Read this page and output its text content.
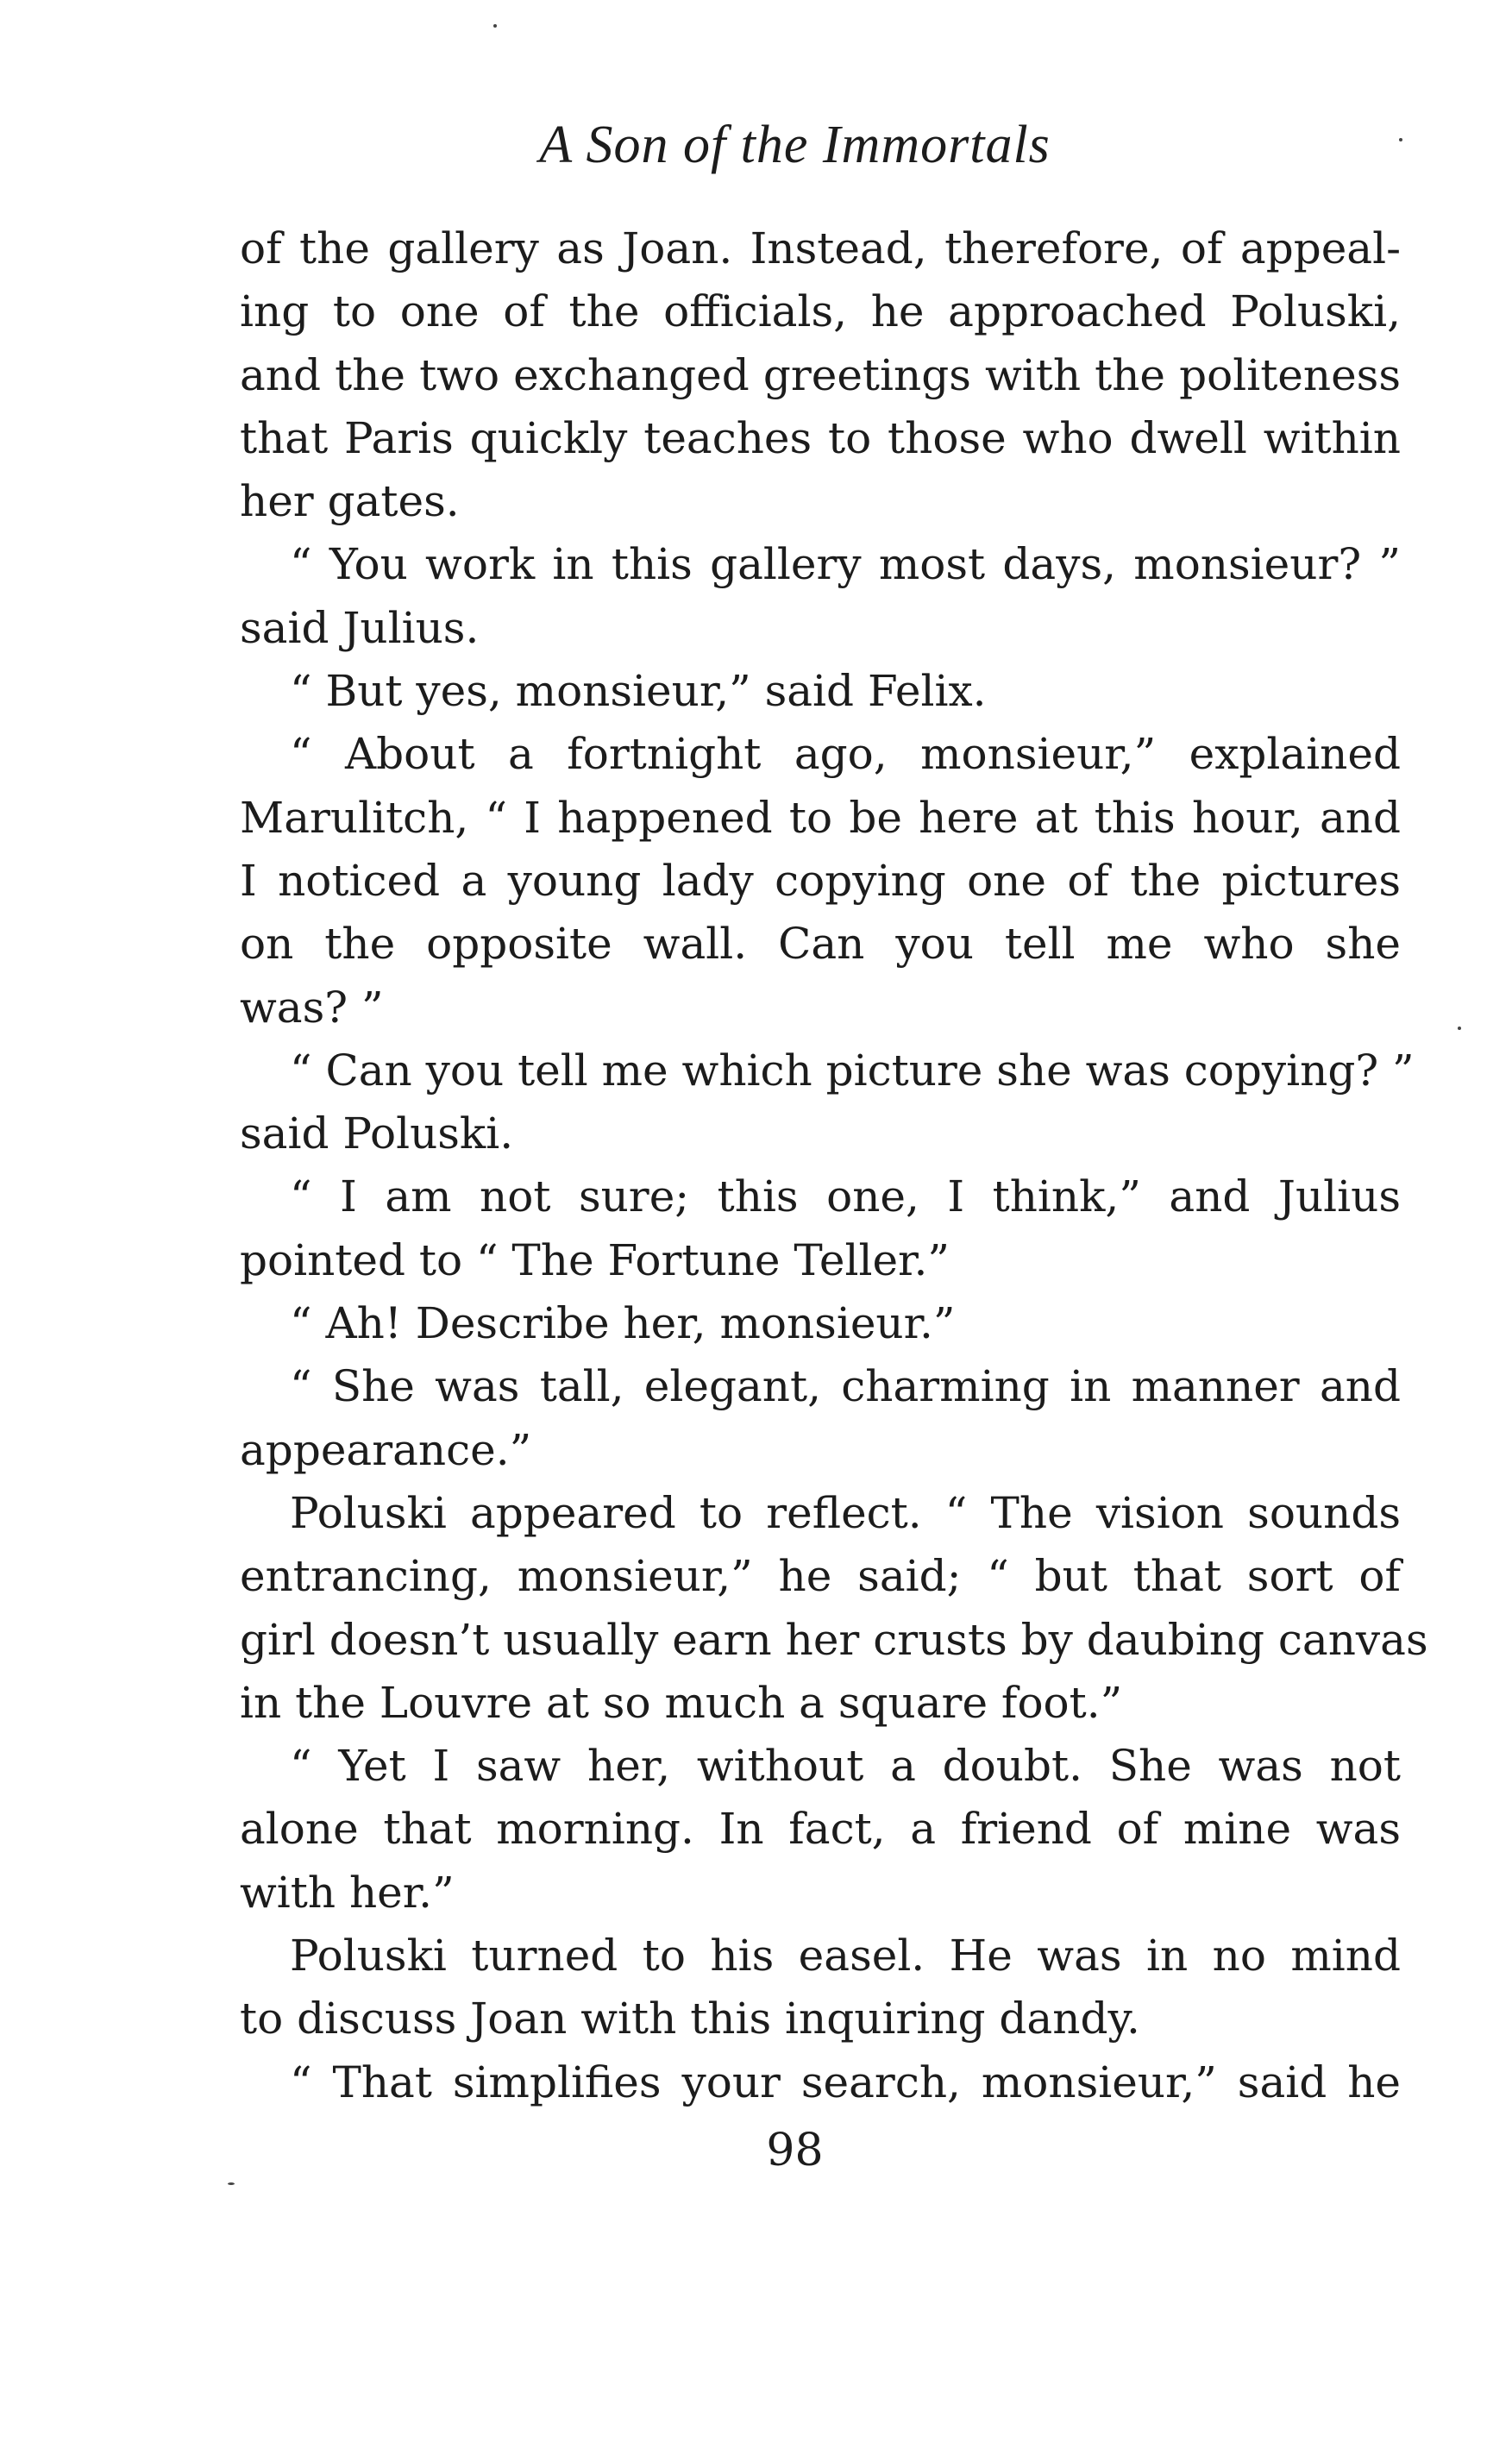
A Son of the Immortals
of the gallery as Joan. Instead, therefore, of appeal-
ing to one of the officials, he approached Poluski,
and the two exchanged greetings with the politeness
that Paris quickly teaches to those who dwell within
her gates.
“ You work in this gallery most days, monsieur? ”
said Julius.
“ But yes, monsieur,” said Felix.
“ About a fortnight ago, monsieur,” explained
Marulitch, “ I happened to be here at this hour, and
I noticed a young lady copying one of the pictures
on the opposite wall. Can you tell me who she
was? ”
“ Can you tell me which picture she was copying? ”
said Poluski.
“ I am not sure; this one, I think,” and Julius
pointed to “ The Fortune Teller.”
“ Ah! Describe her, monsieur.”
“ She was tall, elegant, charming in manner and
appearance.”
Poluski appeared to reflect. “ The vision sounds
entrancing, monsieur,” he said; “ but that sort of
girl doesn’t usually earn her crusts by daubing canvas
in the Louvre at so much a square foot.”
“ Yet I saw her, without a doubt. She was not
alone that morning. In fact, a friend of mine was
with her.”
Poluski turned to his easel. He was in no mind
to discuss Joan with this inquiring dandy.
“ That simplifies your search, monsieur,” said he
98
